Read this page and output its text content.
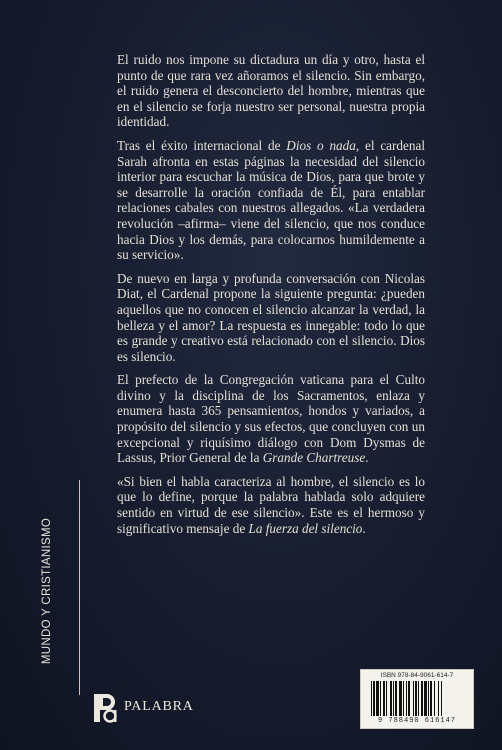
El ruido nos impone su dictadura un día y otro, hasta el punto de que rara vez añoramos el silencio. Sin embargo, el ruido genera el desconcierto del hombre, mientras que en el silencio se forja nuestro ser personal, nuestra propia identidad.

Tras el éxito internacional de Dios o nada, el cardenal Sarah afronta en estas páginas la necesidad del silencio interior para escuchar la música de Dios, para que brote y se desarrolle la oración confiada de Él, para entablar relaciones cabales con nuestros allegados. «La verdadera revolución –afirma– viene del silencio, que nos conduce hacia Dios y los demás, para colocarnos humildemente a su servicio».

De nuevo en larga y profunda conversación con Nicolas Diat, el Cardenal propone la siguiente pregunta: ¿pueden aquellos que no conocen el silencio alcanzar la verdad, la belleza y el amor? La respuesta es innegable: todo lo que es grande y creativo está relacionado con el silencio. Dios es silencio.

El prefecto de la Congregación vaticana para el Culto divino y la disciplina de los Sacramentos, enlaza y enumera hasta 365 pensamientos, hondos y variados, a propósito del silencio y sus efectos, que concluyen con un excepcional y riquísimo diálogo con Dom Dysmas de Lassus, Prior General de la Grande Chartreuse.

«Si bien el habla caracteriza al hombre, el silencio es lo que lo define, porque la palabra hablada solo adquiere sentido en virtud de ese silencio». Este es el hermoso y significativo mensaje de La fuerza del silencio.

MUNDO Y CRISTIANISMO
PALABRA
ISBN 978-84-9061-614-7
9 788490 616147
